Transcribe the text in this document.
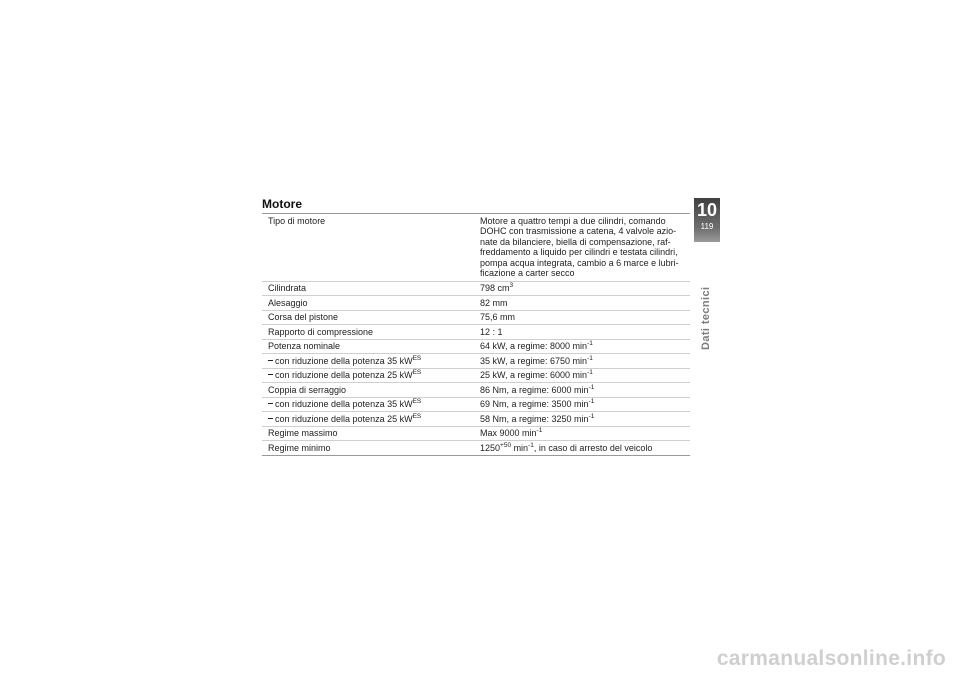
Motore
Tipo di motore	Motore a quattro tempi a due cilindri, comando DOHC con trasmissione a catena, 4 valvole azio-nate da bilanciere, biella di compensazione, raf-freddamento a liquido per cilindri e testata cilindri, pompa acqua integrata, cambio a 6 marce e lubri-ficazione a carter secco
Cilindrata	798 $cm^3$
Alesaggio	82 mm
Corsa del pistone	75,6 mm
Rapporto di compressione	12 : 1
Potenza nominale	64 kW, a regime: 8000 $\min^{-1}$
con riduzione della potenza 35 $kW^{ES}$	35 kW, a regime: 6750 $\min^{-1}$
con riduzione della potenza 25 $kW^{ES}$	25 kW, a regime: 6000 $\min^{-1}$
Coppia di serraggio	86 Nm, a regime: 6000 $\min^{-1}$
con riduzione della potenza 35 $kW^{ES}$	69 Nm, a regime: 3500 $\min^{-1}$
con riduzione della potenza 25 $kW^{ES}$	58 Nm, a regime: 3250 $\min^{-1}$
Regime massimo	Max 9000 $\min^{-1}$
Regime minimo	$1250^{+50}$ $\min^{-1}$, in caso di arresto del veicolo
10
119
Dati tecnici
carmanualsonline.info
